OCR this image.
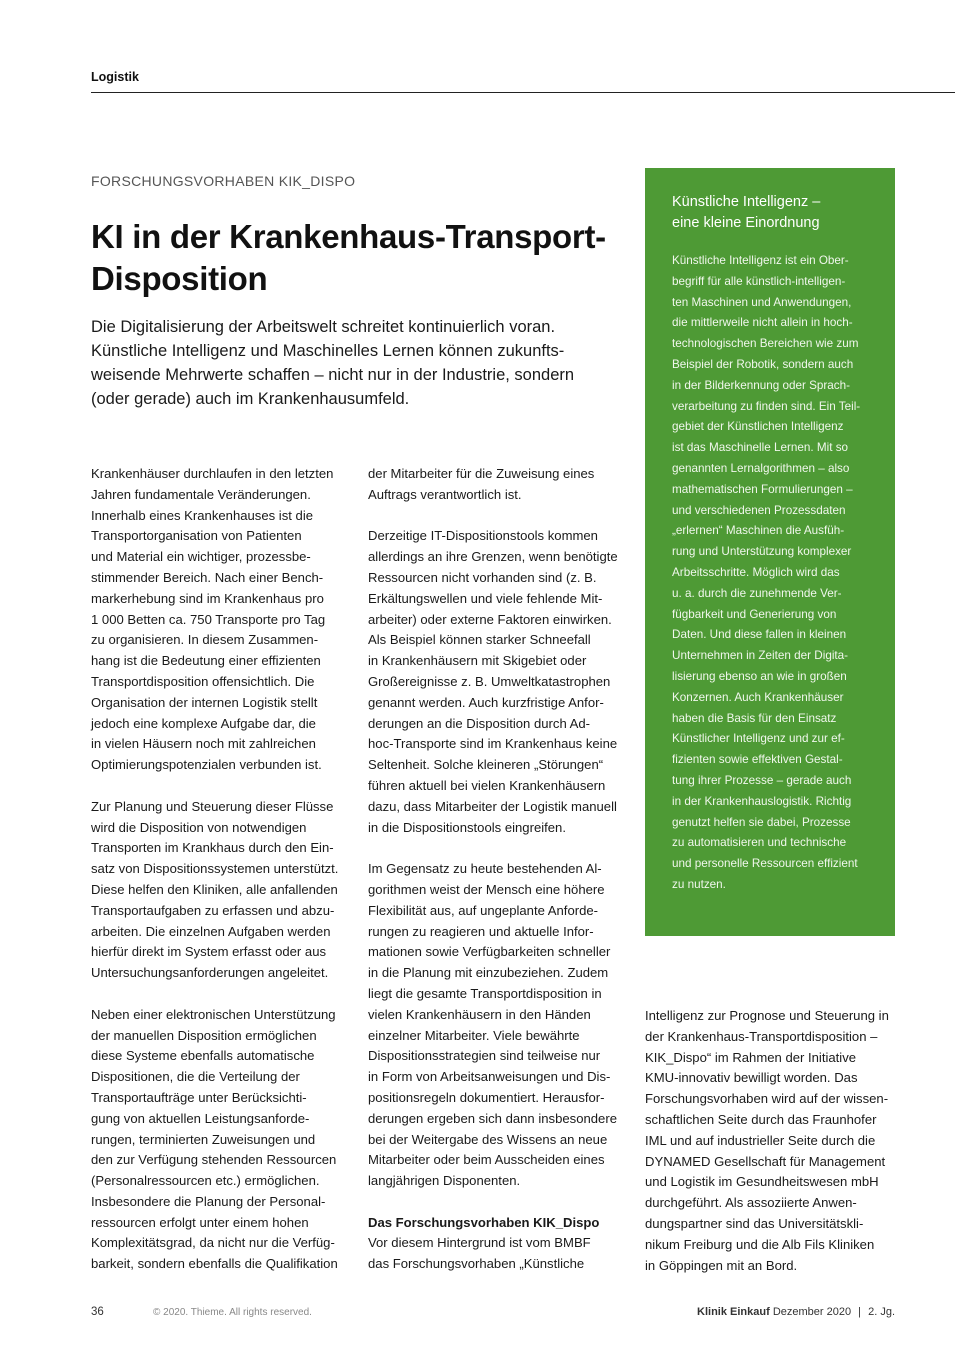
Logistik
FORSCHUNGSVORHABEN KIK_DISPO
KI in der Krankenhaus-Transport-
Disposition
Die Digitalisierung der Arbeitswelt schreitet kontinuierlich voran.
Künstliche Intelligenz und Maschinelles Lernen können zukunfts-
weisende Mehrwerte schaffen – nicht nur in der Industrie, sondern
(oder gerade) auch im Krankenhausumfeld.
Krankenhäuser durchlaufen in den letzten
Jahren fundamentale Veränderungen.
Innerhalb eines Krankenhauses ist die
Transportorganisation von Patienten
und Material ein wichtiger, prozessbe-
stimmender Bereich. Nach einer Bench-
markerhebung sind im Krankenhaus pro
1 000 Betten ca. 750 Transporte pro Tag
zu organisieren. In diesem Zusammen-
hang ist die Bedeutung einer effizienten
Transportdisposition offensichtlich. Die
Organisation der internen Logistik stellt
jedoch eine komplexe Aufgabe dar, die
in vielen Häusern noch mit zahlreichen
Optimierungspotenzialen verbunden ist.
Zur Planung und Steuerung dieser Flüsse
wird die Disposition von notwendigen
Transporten im Krankhaus durch den Ein-
satz von Dispositionssystemen unterstützt.
Diese helfen den Kliniken, alle anfallenden
Transportaufgaben zu erfassen und abzu-
arbeiten. Die einzelnen Aufgaben werden
hierfür direkt im System erfasst oder aus
Untersuchungsanforderungen angeleitet.
Neben einer elektronischen Unterstützung
der manuellen Disposition ermöglichen
diese Systeme ebenfalls automatische
Dispositionen, die die Verteilung der
Transportaufträge unter Berücksichti-
gung von aktuellen Leistungsanforde-
rungen, terminierten Zuweisungen und
den zur Verfügung stehenden Ressourcen
(Personalressourcen etc.) ermöglichen.
Insbesondere die Planung der Personal-
ressourcen erfolgt unter einem hohen
Komplexitätsgrad, da nicht nur die Verfüg-
barkeit, sondern ebenfalls die Qualifikation
der Mitarbeiter für die Zuweisung eines
Auftrags verantwortlich ist.
Derzeitige IT-Dispositionstools kommen
allerdings an ihre Grenzen, wenn benötigte
Ressourcen nicht vorhanden sind (z. B.
Erkältungswellen und viele fehlende Mit-
arbeiter) oder externe Faktoren einwirken.
Als Beispiel können starker Schneefall
in Krankenhäusern mit Skigebiet oder
Großereignisse z. B. Umweltkatastrophen
genannt werden. Auch kurzfristige Anfor-
derungen an die Disposition durch Ad-
hoc-Transporte sind im Krankenhaus keine
Seltenheit. Solche kleineren „Störungen“
führen aktuell bei vielen Krankenhäusern
dazu, dass Mitarbeiter der Logistik manuell
in die Dispositionstools eingreifen.
Im Gegensatz zu heute bestehenden Al-
gorithmen weist der Mensch eine höhere
Flexibilität aus, auf ungeplante Anforde-
rungen zu reagieren und aktuelle Infor-
mationen sowie Verfügbarkeiten schneller
in die Planung mit einzubeziehen. Zudem
liegt die gesamte Transportdisposition in
vielen Krankenhäusern in den Händen
einzelner Mitarbeiter. Viele bewährte
Dispositionsstrategien sind teilweise nur
in Form von Arbeitsanweisungen und Dis-
positionsregeln dokumentiert. Herausfor-
derungen ergeben sich dann insbesondere
bei der Weitergabe des Wissens an neue
Mitarbeiter oder beim Ausscheiden eines
langjährigen Disponenten.
Das Forschungsvorhaben KIK_Dispo
Vor diesem Hintergrund ist vom BMBF
das Forschungsvorhaben „Künstliche
Intelligenz zur Prognose und Steuerung in
der Krankenhaus-Transportdisposition –
KIK_Dispo“ im Rahmen der Initiative
KMU-innovativ bewilligt worden. Das
Forschungsvorhaben wird auf der wissen-
schaftlichen Seite durch das Fraunhofer
IML und auf industrieller Seite durch die
DYNAMED Gesellschaft für Management
und Logistik im Gesundheitswesen mbH
durchgeführt. Als assoziierte Anwen-
dungspartner sind das Universitätskli-
nikum Freiburg und die Alb Fils Kliniken
in Göppingen mit an Bord.
Künstliche Intelligenz –
eine kleine Einordnung
Künstliche Intelligenz ist ein Ober-
begriff für alle künstlich-intelligen-
ten Maschinen und Anwendungen,
die mittlerweile nicht allein in hoch-
technologischen Bereichen wie zum
Beispiel der Robotik, sondern auch
in der Bilderkennung oder Sprach-
verarbeitung zu finden sind. Ein Teil-
gebiet der Künstlichen Intelligenz
ist das Maschinelle Lernen. Mit so
genannten Lernalgorithmen – also
mathematischen Formulierungen –
und verschiedenen Prozessdaten
„erlernen“ Maschinen die Ausfüh-
rung und Unterstützung komplexer
Arbeitsschritte. Möglich wird das
u. a. durch die zunehmende Ver-
fügbarkeit und Generierung von
Daten. Und diese fallen in kleinen
Unternehmen in Zeiten der Digita-
lisierung ebenso an wie in großen
Konzernen. Auch Krankenhäuser
haben die Basis für den Einsatz
Künstlicher Intelligenz und zur ef-
fizienten sowie effektiven Gestal-
tung ihrer Prozesse – gerade auch
in der Krankenhauslogistik. Richtig
genutzt helfen sie dabei, Prozesse
zu automatisieren und technische
und personelle Ressourcen effizient
zu nutzen.
36	© 2020. Thieme. All rights reserved.	Klinik Einkauf Dezember 2020 | 2. Jg.
